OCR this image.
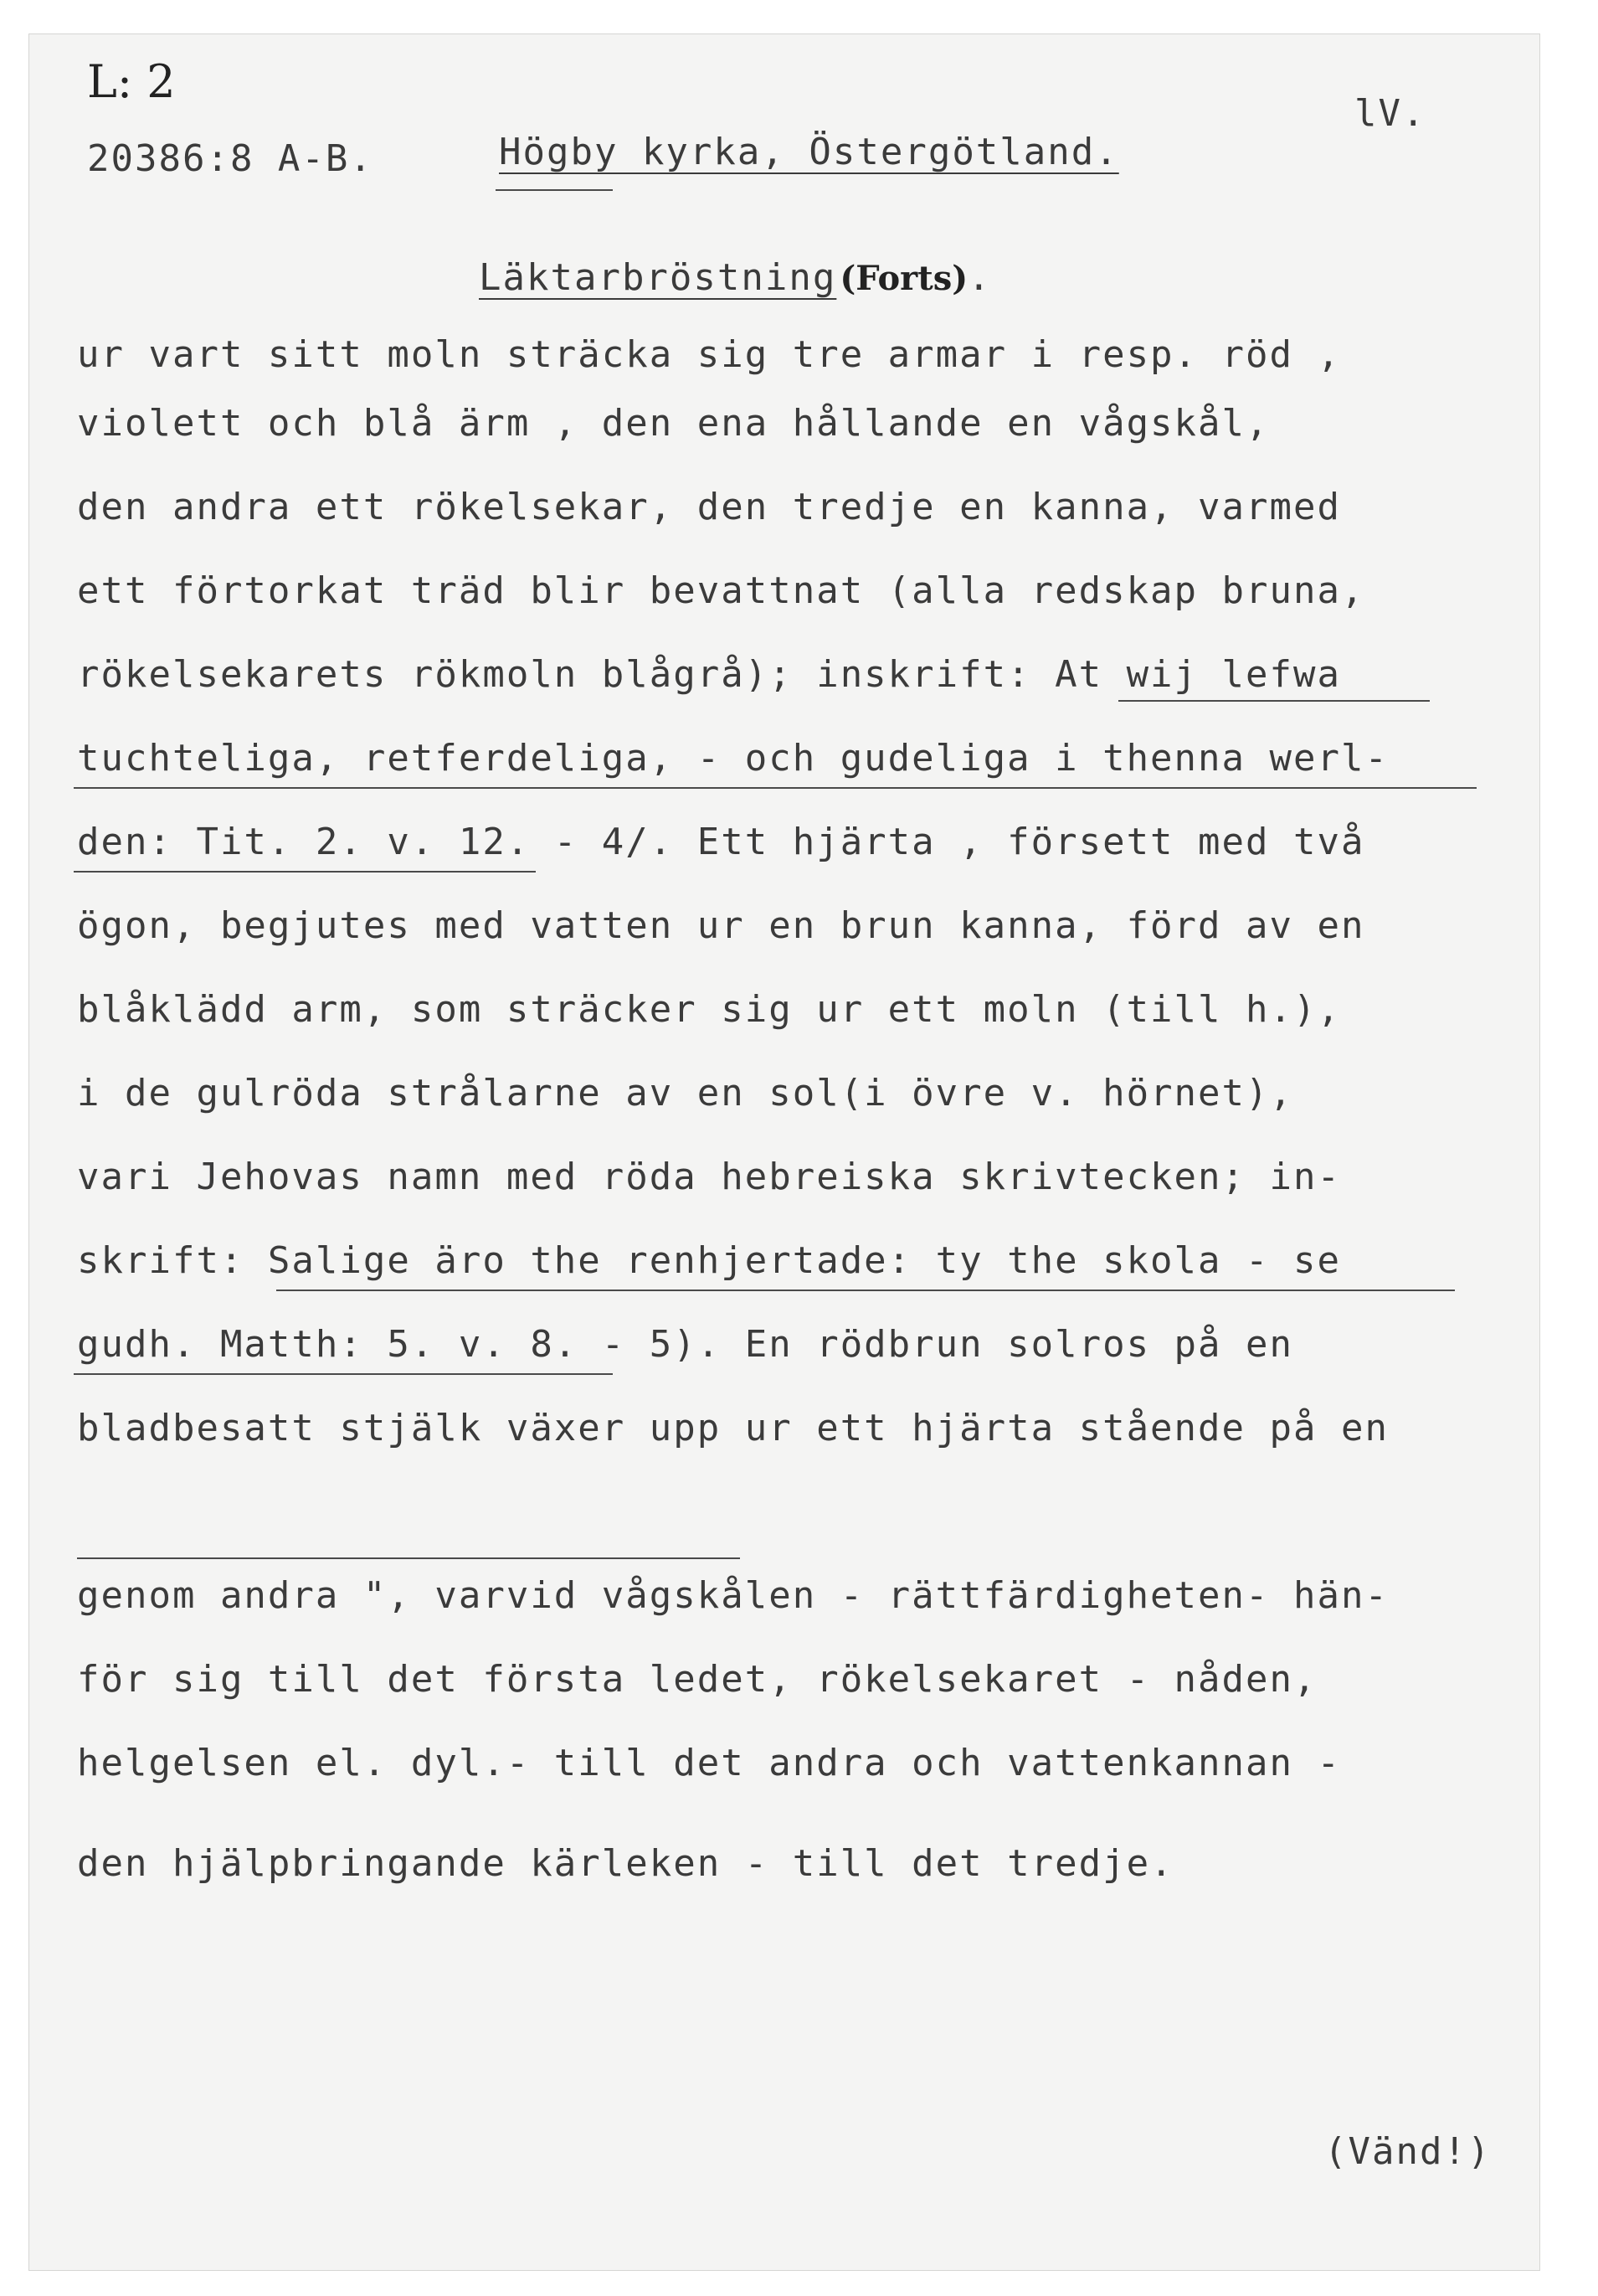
L: 2
lV.
20386:8 A-B.	Högby kyrka, Östergötland.
Läktarbröstning (Forts).
ur vart sitt moln sträcka sig tre armar i resp. röd ,
violett och blå ärm , den ena hållande en vågskål,
den andra ett rökelsekar, den tredje en kanna, varmed
ett förtorkat träd blir bevattnat (alla redskap bruna,
rökelsekarets rökmoln blågrå); inskrift: At wij lefwa
tuchteliga, retferdeliga, - och gudeliga i thenna werl-
den: Tit. 2. v. 12. - 4/. Ett hjärta , försett med två
ögon, begjutes med vatten ur en brun kanna, förd av en
blåklädd arm, som sträcker sig ur ett moln (till h.),
i de gulröda strålarne av en sol(i övre v. hörnet),
vari Jehovas namn med röda hebreiska skrivtecken; in-
skrift: Salige äro the renhjertade: ty the skola - se
gudh. Matth: 5. v. 8. - 5). En rödbrun solros på en
bladbesatt stjälk växer upp ur ett hjärta stående på en
genom andra ", varvid vågskålen - rättfärdigheten- hän-
för sig till det första ledet, rökelsekaret - nåden,
helgelsen el. dyl.- till det andra och vattenkannan -
den hjälpbringande kärleken - till det tredje.
(Vänd!)
